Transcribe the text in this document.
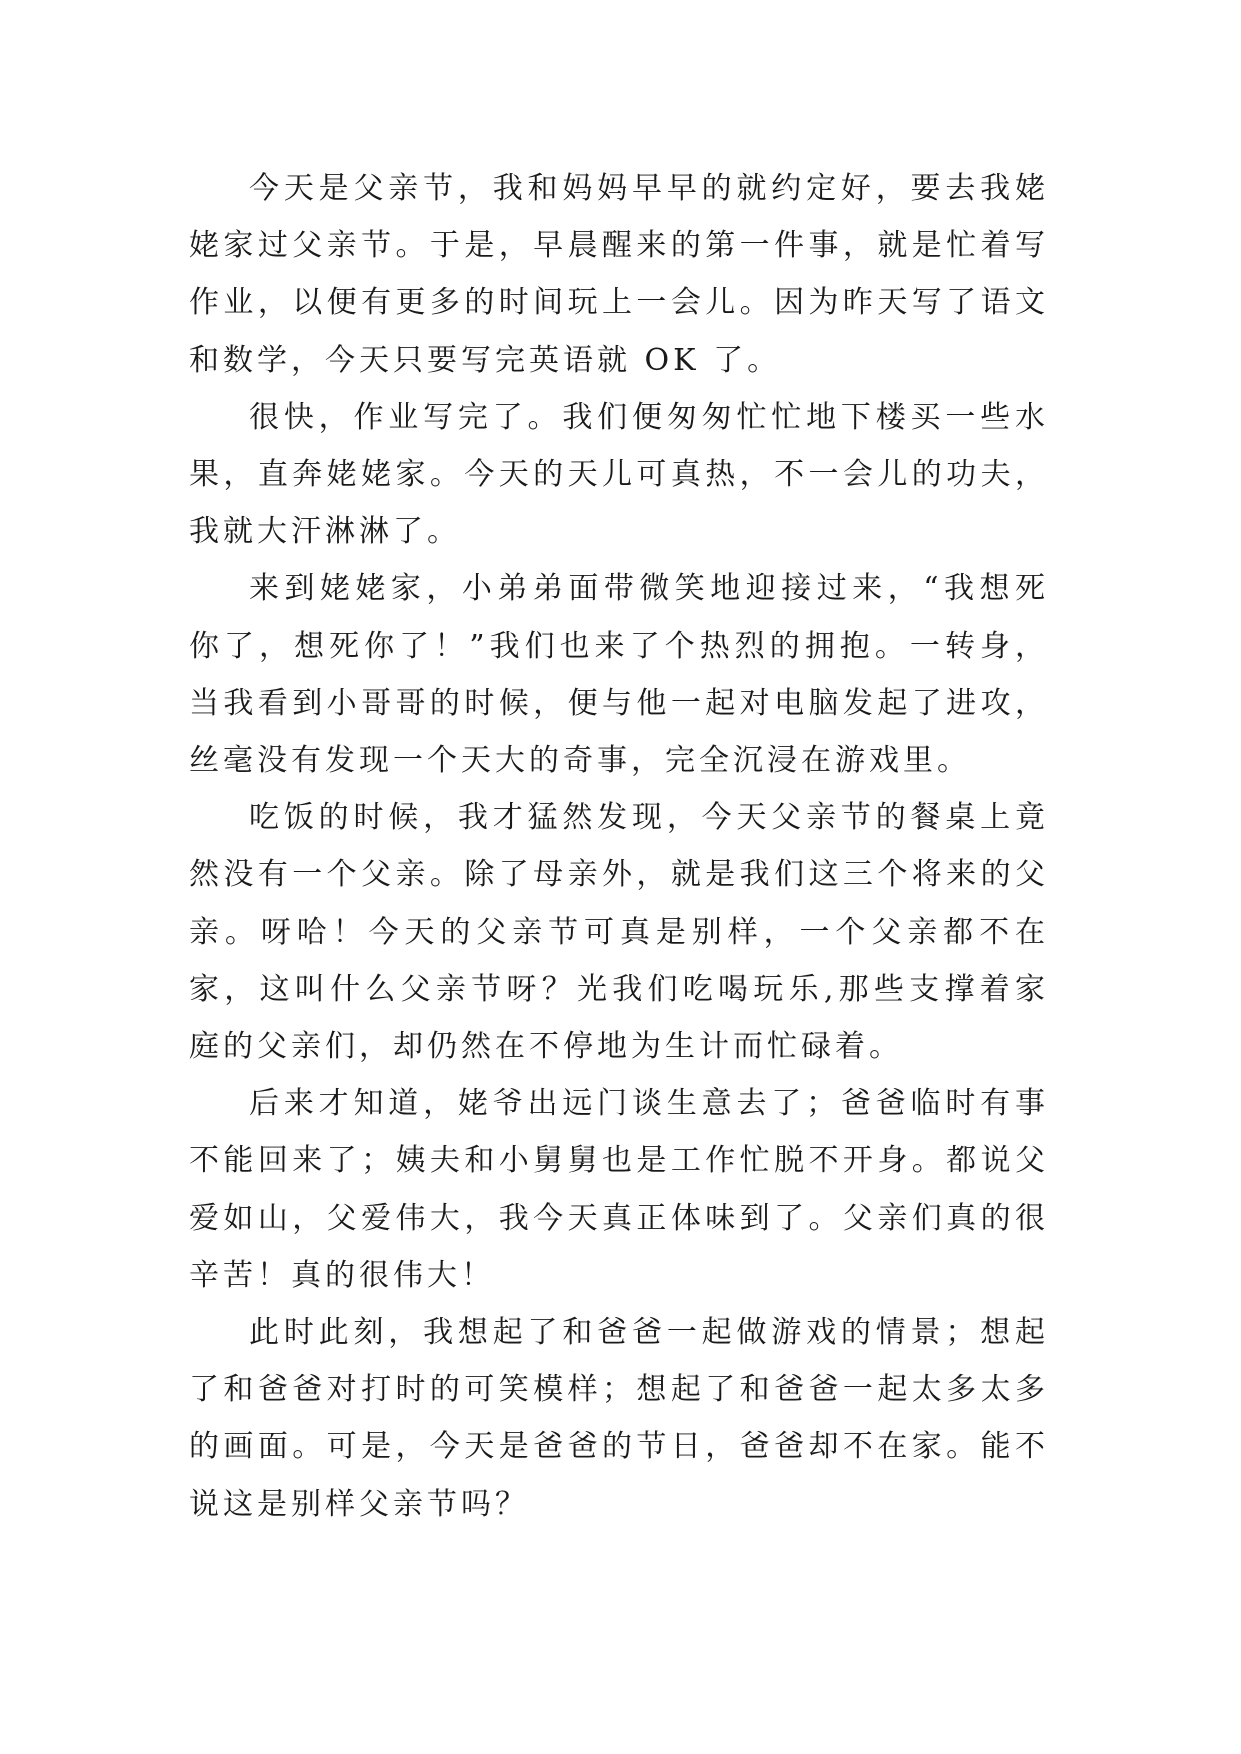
今天是父亲节，我和妈妈早早的就约定好，要去我姥姥家过父亲节。于是，早晨醒来的第一件事，就是忙着写作业，以便有更多的时间玩上一会儿。因为昨天写了语文和数学，今天只要写完英语就 OK 了。

很快，作业写完了。我们便匆匆忙忙地下楼买一些水果，直奔姥姥家。今天的天儿可真热，不一会儿的功夫，我就大汗淋淋了。

来到姥姥家，小弟弟面带微笑地迎接过来，“我想死你了，想死你了！”我们也来了个热烈的拥抱。一转身，当我看到小哥哥的时候，便与他一起对电脑发起了进攻，丝毫没有发现一个天大的奇事，完全沉浸在游戏里。

吃饭的时候，我才猛然发现，今天父亲节的餐桌上竟然没有一个父亲。除了母亲外，就是我们这三个将来的父亲。呀哈！今天的父亲节可真是别样，一个父亲都不在家，这叫什么父亲节呀？光我们吃喝玩乐,那些支撑着家庭的父亲们，却仍然在不停地为生计而忙碌着。

后来才知道，姥爷出远门谈生意去了；爸爸临时有事不能回来了；姨夫和小舅舅也是工作忙脱不开身。都说父爱如山，父爱伟大，我今天真正体味到了。父亲们真的很辛苦！真的很伟大！

此时此刻，我想起了和爸爸一起做游戏的情景；想起了和爸爸对打时的可笑模样；想起了和爸爸一起太多太多的画面。可是，今天是爸爸的节日，爸爸却不在家。能不说这是别样父亲节吗？
